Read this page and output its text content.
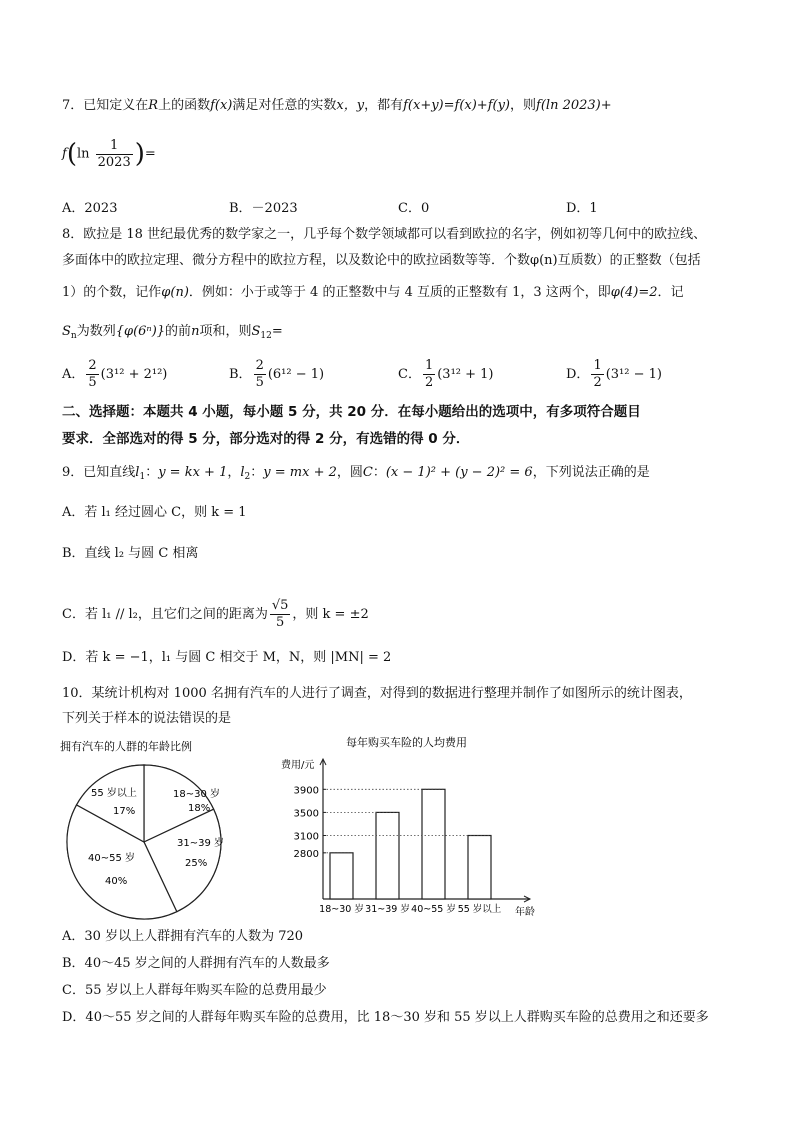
7．已知定义在R上的函数f(x)满足对任意的实数x，y，都有f(x+y)=f(x)+f(y)，则f(ln 2023)+
$f(\ln \frac{1}{2023}$ )=
A．2023	B．－2023	C．0	D．1
8．欧拉是 18 世纪最优秀的数学家之一，几乎每个数学领域都可以看到欧拉的名字，例如初等几何中的欧拉线、
多面体中的欧拉定理、微分方程中的欧拉方程，以及数论中的欧拉函数等等．个数φ(n)互质数）的正整数（包括
1）的个数，记作φ(n)．例如：小于或等于 4 的正整数中与 4 互质的正整数有 1，3 这两个，即φ(4)=2．记
$S_n$为数列{φ(6ⁿ)}的前n项和，则$S_{12}=$
A． $\frac{2}{5} (3^{12} + 2^{12})$	B． $\frac{2}{5} (6^{12} - 1)$	C． $\frac{1}{2} (3^{12} + 1)$	D． $\frac{1}{2} (3^{12} - 1)$
二、选择题：本题共 4 小题，每小题 5 分，共 20 分．在每小题给出的选项中，有多项符合题目
要求．全部选对的得 5 分，部分选对的得 2 分，有选错的得 0 分．
9．已知直线$l_1$：y = kx + 1，$l_2$：y = mx + 2，圆C：(x − 1)² + (y − 2)² = 6，下列说法正确的是
A．若 l₁ 经过圆心 C，则 k = 1
B．直线 l₂ 与圆 C 相离
C．若 l₁ // l₂，且它们之间的距离为 $\frac{√5}{5}$ ，则 k = ±2
D．若 k = −1，l₁ 与圆 C 相交于 M，N，则 |MN| = 2
10．某统计机构对 1000 名拥有汽车的人进行了调查，对得到的数据进行整理并制作了如图所示的统计图表，
下列关于样本的说法错误的是
拥有汽车的人群的年龄比例
18~30 岁
18%
31~39 岁
25%
40~55 岁
40%
55 岁以上
17%
每年购买车险的人均费用
费用/元
年龄
18~30 岁 31~39 岁 40~55 岁 55 岁以上
3900
3500
3100
2800
A．30 岁以上人群拥有汽车的人数为 720
B．40～45 岁之间的人群拥有汽车的人数最多
C．55 岁以上人群每年购买车险的总费用最少
D．40～55 岁之间的人群每年购买车险的总费用，比 18～30 岁和 55 岁以上人群购买车险的总费用之和还要多
